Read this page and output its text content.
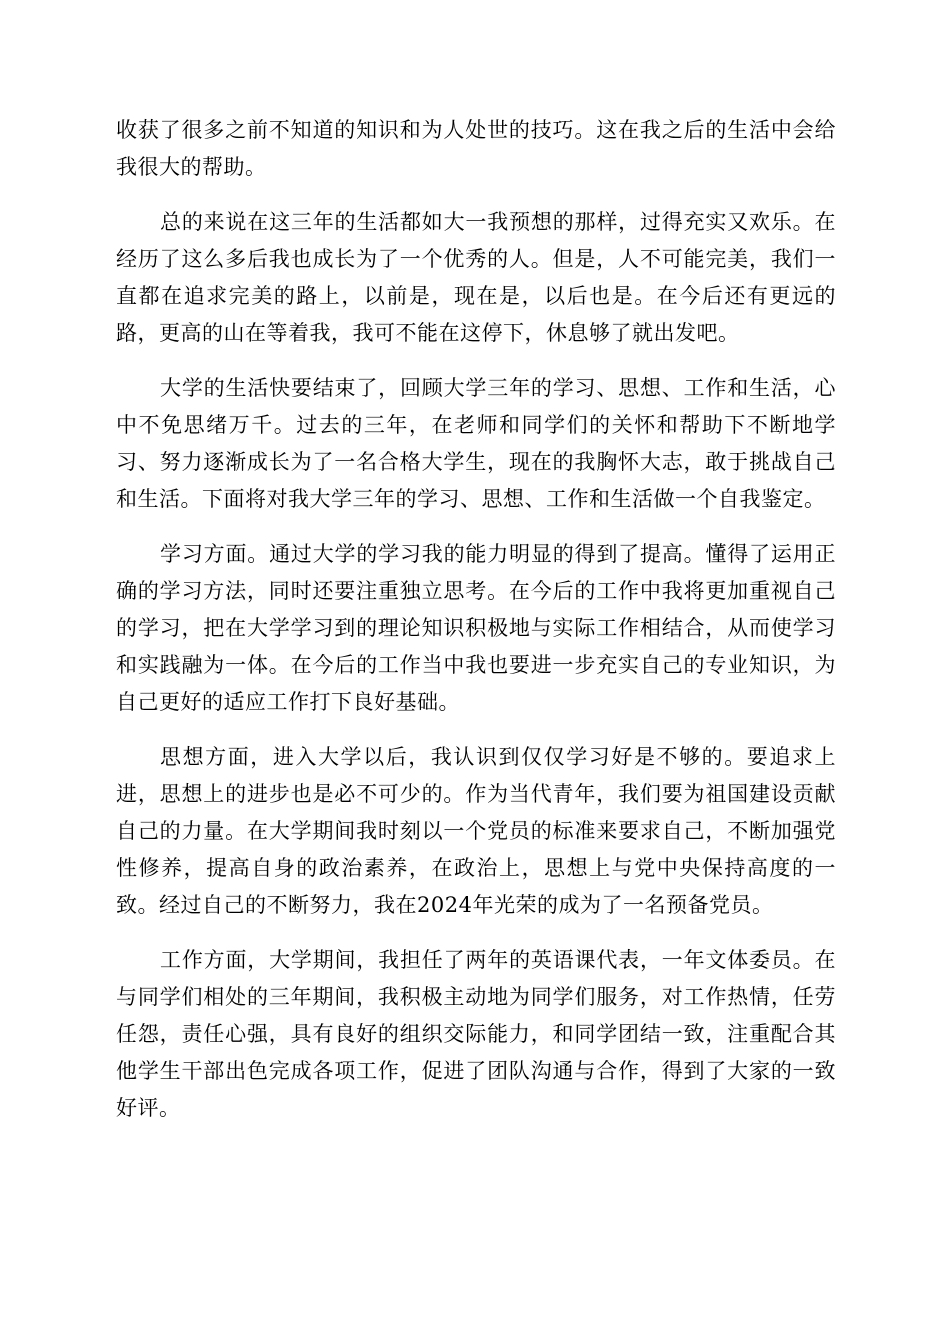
收获了很多之前不知道的知识和为人处世的技巧。这在我之后的生活中会给我很大的帮助。

总的来说在这三年的生活都如大一我预想的那样，过得充实又欢乐。在经历了这么多后我也成长为了一个优秀的人。但是，人不可能完美，我们一直都在追求完美的路上，以前是，现在是，以后也是。在今后还有更远的路，更高的山在等着我，我可不能在这停下，休息够了就出发吧。

大学的生活快要结束了，回顾大学三年的学习、思想、工作和生活，心中不免思绪万千。过去的三年，在老师和同学们的关怀和帮助下不断地学习、努力逐渐成长为了一名合格大学生，现在的我胸怀大志，敢于挑战自己和生活。下面将对我大学三年的学习、思想、工作和生活做一个自我鉴定。

学习方面。通过大学的学习我的能力明显的得到了提高。懂得了运用正确的学习方法，同时还要注重独立思考。在今后的工作中我将更加重视自己的学习，把在大学学习到的理论知识积极地与实际工作相结合，从而使学习和实践融为一体。在今后的工作当中我也要进一步充实自己的专业知识，为自己更好的适应工作打下良好基础。

思想方面，进入大学以后，我认识到仅仅学习好是不够的。要追求上进，思想上的进步也是必不可少的。作为当代青年，我们要为祖国建设贡献自己的力量。在大学期间我时刻以一个党员的标准来要求自己，不断加强党性修养，提高自身的政治素养，在政治上，思想上与党中央保持高度的一致。经过自己的不断努力，我在2024年光荣的成为了一名预备党员。

工作方面，大学期间，我担任了两年的英语课代表，一年文体委员。在与同学们相处的三年期间，我积极主动地为同学们服务，对工作热情，任劳任怨，责任心强，具有良好的组织交际能力，和同学团结一致，注重配合其他学生干部出色完成各项工作，促进了团队沟通与合作，得到了大家的一致好评。
